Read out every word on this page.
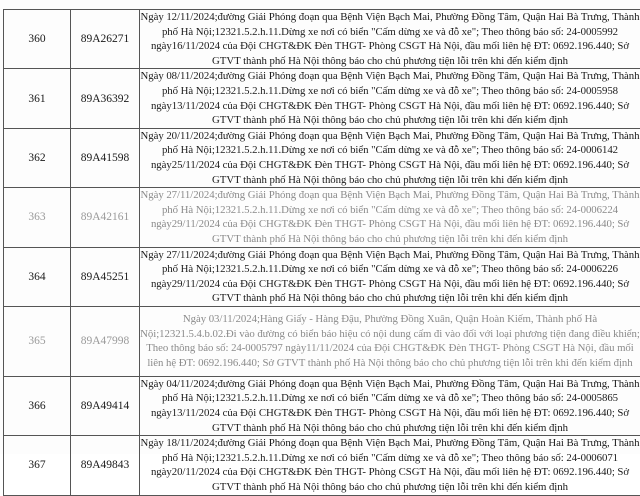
360	89A26271	Ngày 12/11/2024;đường Giải Phóng đoạn qua Bệnh Viện Bạch Mai, Phường Đồng Tâm, Quận Hai Bà Trưng, Thành phố Hà Nội;12321.5.2.h.11.Dừng xe nơi có biển "Cấm dừng xe và đỗ xe"; Theo thông báo số: 24-0005992 ngày16/11/2024 của Đội CHGT&ĐK Đèn THGT- Phòng CSGT Hà Nội, đầu mối liên hệ ĐT: 0692.196.440; Sở GTVT thành phố Hà Nội thông báo cho chủ phương tiện lỗi trên khi đến kiểm định
361	89A36392	Ngày 08/11/2024;đường Giải Phóng đoạn qua Bệnh Viện Bạch Mai, Phường Đồng Tâm, Quận Hai Bà Trưng, Thành phố Hà Nội;12321.5.2.h.11.Dừng xe nơi có biển "Cấm dừng xe và đỗ xe"; Theo thông báo số: 24-0005958 ngày13/11/2024 của Đội CHGT&ĐK Đèn THGT- Phòng CSGT Hà Nội, đầu mối liên hệ ĐT: 0692.196.440; Sở GTVT thành phố Hà Nội thông báo cho chủ phương tiện lỗi trên khi đến kiểm định
362	89A41598	Ngày 20/11/2024;đường Giải Phóng đoạn qua Bệnh Viện Bạch Mai, Phường Đồng Tâm, Quận Hai Bà Trưng, Thành phố Hà Nội;12321.5.2.h.11.Dừng xe nơi có biển "Cấm dừng xe và đỗ xe"; Theo thông báo số: 24-0006142 ngày25/11/2024 của Đội CHGT&ĐK Đèn THGT- Phòng CSGT Hà Nội, đầu mối liên hệ ĐT: 0692.196.440; Sở GTVT thành phố Hà Nội thông báo cho chủ phương tiện lỗi trên khi đến kiểm định
363	89A42161	Ngày 27/11/2024;đường Giải Phóng đoạn qua Bệnh Viện Bạch Mai, Phường Đồng Tâm, Quận Hai Bà Trưng, Thành phố Hà Nội;12321.5.2.h.11.Dừng xe nơi có biển "Cấm dừng xe và đỗ xe"; Theo thông báo số: 24-0006224 ngày29/11/2024 của Đội CHGT&ĐK Đèn THGT- Phòng CSGT Hà Nội, đầu mối liên hệ ĐT: 0692.196.440; Sở GTVT thành phố Hà Nội thông báo cho chủ phương tiện lỗi trên khi đến kiểm định
364	89A45251	Ngày 27/11/2024;đường Giải Phóng đoạn qua Bệnh Viện Bạch Mai, Phường Đồng Tâm, Quận Hai Bà Trưng, Thành phố Hà Nội;12321.5.2.h.11.Dừng xe nơi có biển "Cấm dừng xe và đỗ xe"; Theo thông báo số: 24-0006226 ngày29/11/2024 của Đội CHGT&ĐK Đèn THGT- Phòng CSGT Hà Nội, đầu mối liên hệ ĐT: 0692.196.440; Sở GTVT thành phố Hà Nội thông báo cho chủ phương tiện lỗi trên khi đến kiểm định
365	89A47998	Ngày 03/11/2024;Hàng Giấy - Hàng Đậu, Phường Đồng Xuân, Quận Hoàn Kiếm, Thành phố Hà Nội;12321.5.4.b.02.Đi vào đường có biển báo hiệu có nội dung cấm đi vào đối với loại phương tiện đang điều khiển; Theo thông báo số: 24-0005797 ngày11/11/2024 của Đội CHGT&ĐK Đèn THGT- Phòng CSGT Hà Nội, đầu mối liên hệ ĐT: 0692.196.440; Sở GTVT thành phố Hà Nội thông báo cho chủ phương tiện lỗi trên khi đến kiểm định
366	89A49414	Ngày 04/11/2024;đường Giải Phóng đoạn qua Bệnh Viện Bạch Mai, Phường Đồng Tâm, Quận Hai Bà Trưng, Thành phố Hà Nội;12321.5.2.h.11.Dừng xe nơi có biển "Cấm dừng xe và đỗ xe"; Theo thông báo số: 24-0005865 ngày13/11/2024 của Đội CHGT&ĐK Đèn THGT- Phòng CSGT Hà Nội, đầu mối liên hệ ĐT: 0692.196.440; Sở GTVT thành phố Hà Nội thông báo cho chủ phương tiện lỗi trên khi đến kiểm định
367	89A49843	Ngày 18/11/2024;đường Giải Phóng đoạn qua Bệnh Viện Bạch Mai, Phường Đồng Tâm, Quận Hai Bà Trưng, Thành phố Hà Nội;12321.5.2.h.11.Dừng xe nơi có biển "Cấm dừng xe và đỗ xe"; Theo thông báo số: 24-0006071 ngày20/11/2024 của Đội CHGT&ĐK Đèn THGT- Phòng CSGT Hà Nội, đầu mối liên hệ ĐT: 0692.196.440; Sở GTVT thành phố Hà Nội thông báo cho chủ phương tiện lỗi trên khi đến kiểm định
